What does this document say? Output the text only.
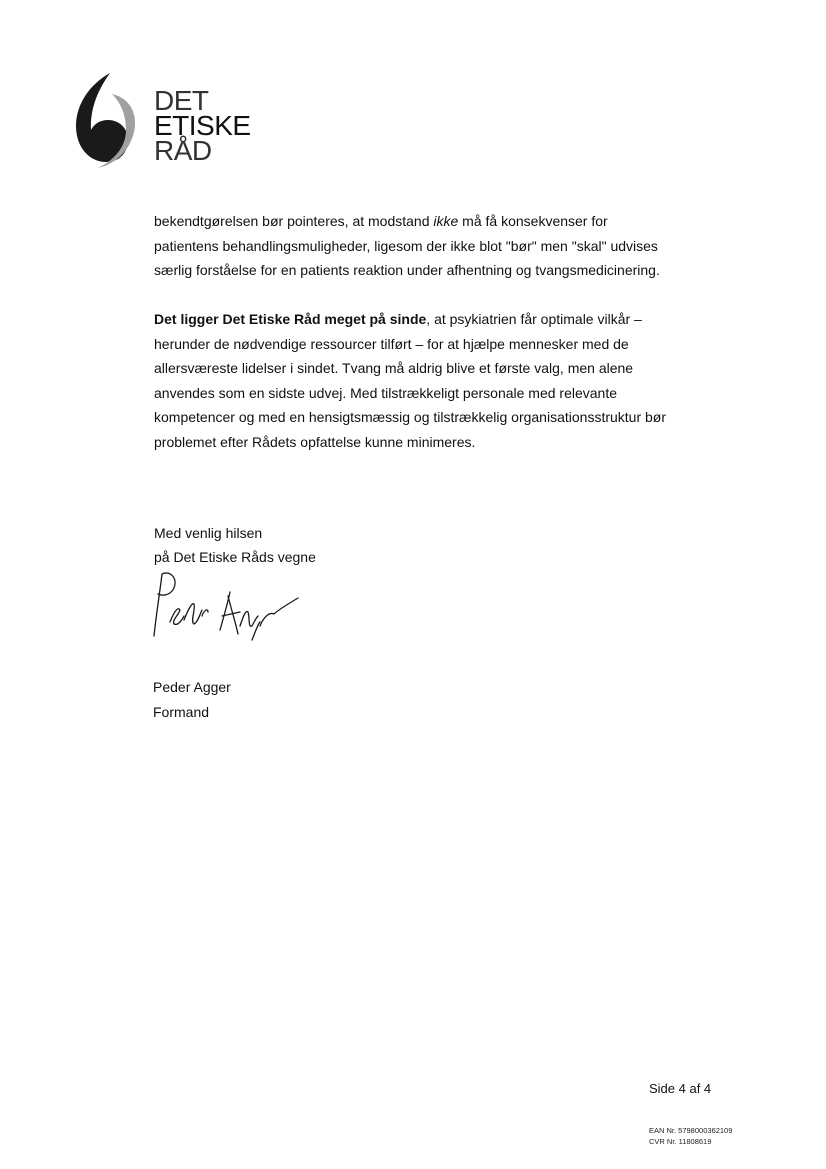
DET
ETISKE
RÅD

bekendtgørelsen bør pointeres, at modstand ikke må få konsekvenser for patientens behandlingsmuligheder, ligesom der ikke blot "bør" men "skal" udvises særlig forståelse for en patients reaktion under afhentning og tvangsmedicinering.

Det ligger Det Etiske Råd meget på sinde, at psykiatrien får optimale vilkår – herunder de nødvendige ressourcer tilført – for at hjælpe mennesker med de allersværeste lidelser i sindet. Tvang må aldrig blive et første valg, men alene anvendes som en sidste udvej. Med tilstrækkeligt personale med relevante kompetencer og med en hensigtsmæssig og tilstrækkelig organisationsstruktur bør problemet efter Rådets opfattelse kunne minimeres.

Med venlig hilsen
på Det Etiske Råds vegne
Peder Agger
Formand
Side 4 af 4
EAN Nr. 5798000362109
CVR Nr. 11808619
